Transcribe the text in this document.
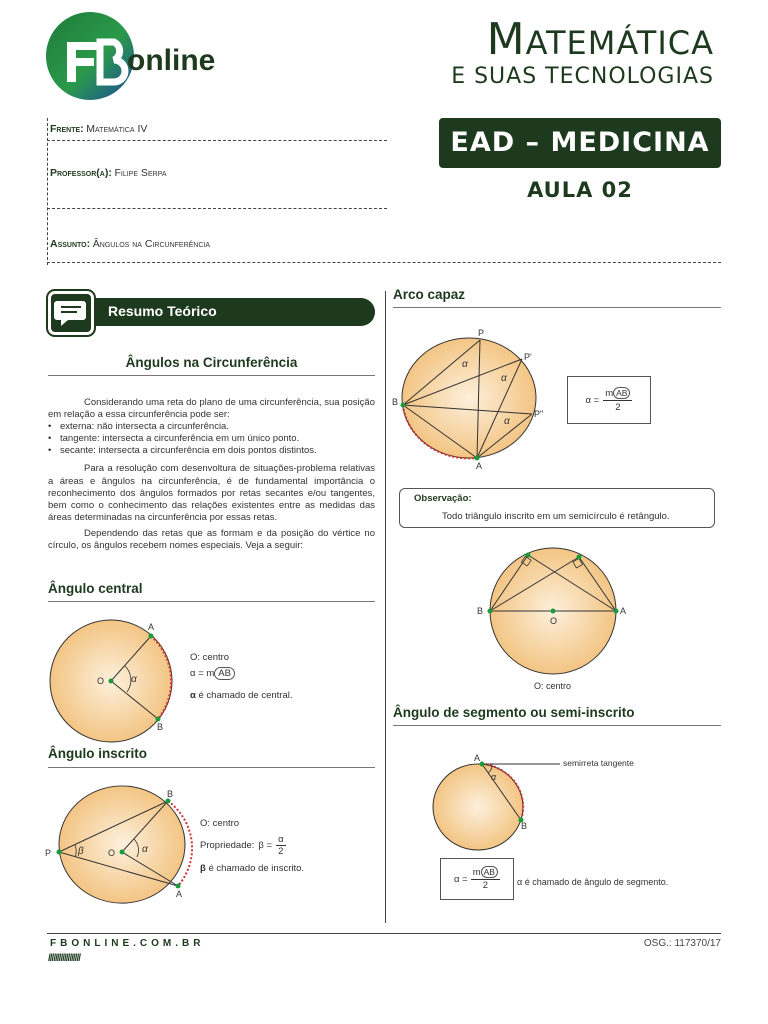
online	MATEMÁTICA
E SUAS TECNOLOGIAS
EAD – MEDICINA
AULA 02
Frente: Matemática IV
Professor(a): Filipe Serpa
Assunto: Ângulos na Circunferência
Resumo Teórico
Ângulos na Circunferência

Considerando uma reta do plano de uma circunferência, sua posição em relação a essa circunferência pode ser:

• externa: não intersecta a circunferência.
• tangente: intersecta a circunferência em um único ponto.
• secante: intersecta a circunferência em dois pontos distintos.

Para a resolução com desenvoltura de situações-problema relativas a áreas e ângulos na circunferência, é de fundamental importância o reconhecimento dos ângulos formados por retas secantes e/ou tangentes, bem como o conhecimento das relações existentes entre as medidas das áreas determinadas na circunferência por essas retas.

Dependendo das retas que as formam e da posição do vértice no círculo, os ângulos recebem nomes especiais. Veja a seguir:

Ângulo central
A
B
O	α
O: centro
α = m AB
α é chamado de central.
Ângulo inscrito
P	O
B
A
β	α
O: centro
Propriedade: $\beta = \frac{\alpha}{2}$
β é chamado de inscrito.
Arco capaz
P
P'
P"
B
A
α
α
α
α =
m AB
2
Observação:
Todo triângulo inscrito em um semicírculo é retângulo.
B	A
O
O: centro
Ângulo de segmento ou semi-inscrito
A
B
α
semirreta tangente
α =
m AB
2	α é chamado de ângulo de segmento.
FBONLINE.COM.BR
//////////////////
OSG.: 117370/17
